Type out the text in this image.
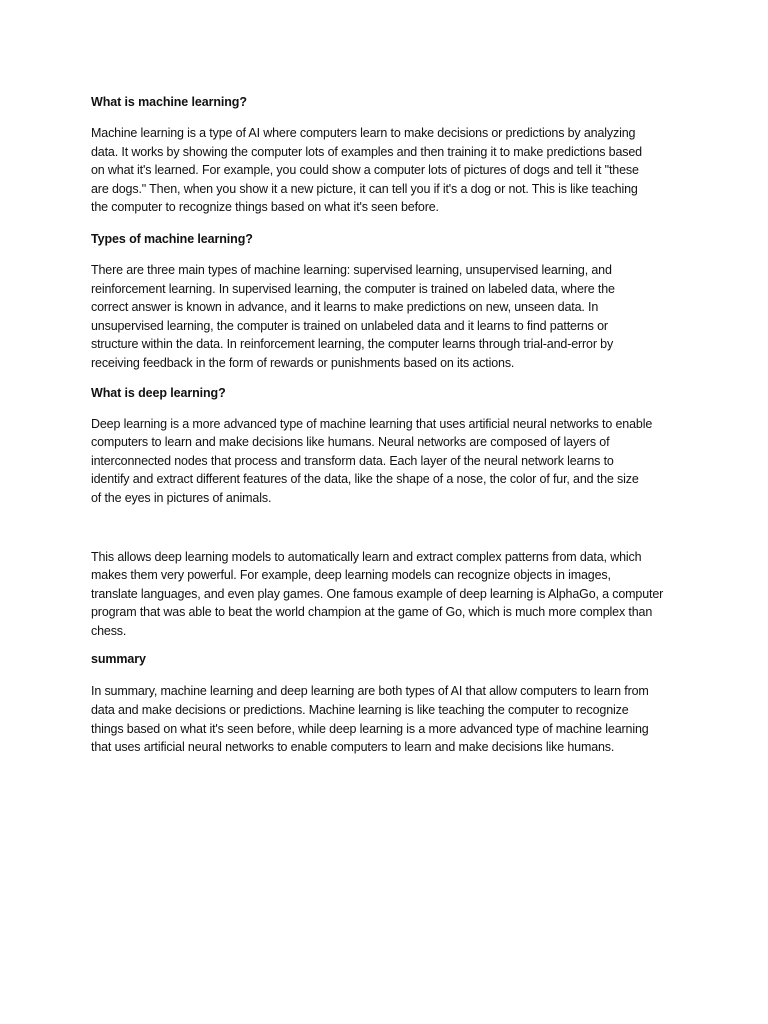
What is machine learning?

Machine learning is a type of AI where computers learn to make decisions or predictions by analyzing
data. It works by showing the computer lots of examples and then training it to make predictions based
on what it's learned. For example, you could show a computer lots of pictures of dogs and tell it "these
are dogs." Then, when you show it a new picture, it can tell you if it's a dog or not. This is like teaching
the computer to recognize things based on what it's seen before.

Types of machine learning?

There are three main types of machine learning: supervised learning, unsupervised learning, and
reinforcement learning. In supervised learning, the computer is trained on labeled data, where the
correct answer is known in advance, and it learns to make predictions on new, unseen data. In
unsupervised learning, the computer is trained on unlabeled data and it learns to find patterns or
structure within the data. In reinforcement learning, the computer learns through trial-and-error by
receiving feedback in the form of rewards or punishments based on its actions.

What is deep learning?

Deep learning is a more advanced type of machine learning that uses artificial neural networks to enable
computers to learn and make decisions like humans. Neural networks are composed of layers of
interconnected nodes that process and transform data. Each layer of the neural network learns to
identify and extract different features of the data, like the shape of a nose, the color of fur, and the size
of the eyes in pictures of animals.

This allows deep learning models to automatically learn and extract complex patterns from data, which
makes them very powerful. For example, deep learning models can recognize objects in images,
translate languages, and even play games. One famous example of deep learning is AlphaGo, a computer
program that was able to beat the world champion at the game of Go, which is much more complex than
chess.

summary

In summary, machine learning and deep learning are both types of AI that allow computers to learn from
data and make decisions or predictions. Machine learning is like teaching the computer to recognize
things based on what it's seen before, while deep learning is a more advanced type of machine learning
that uses artificial neural networks to enable computers to learn and make decisions like humans.
